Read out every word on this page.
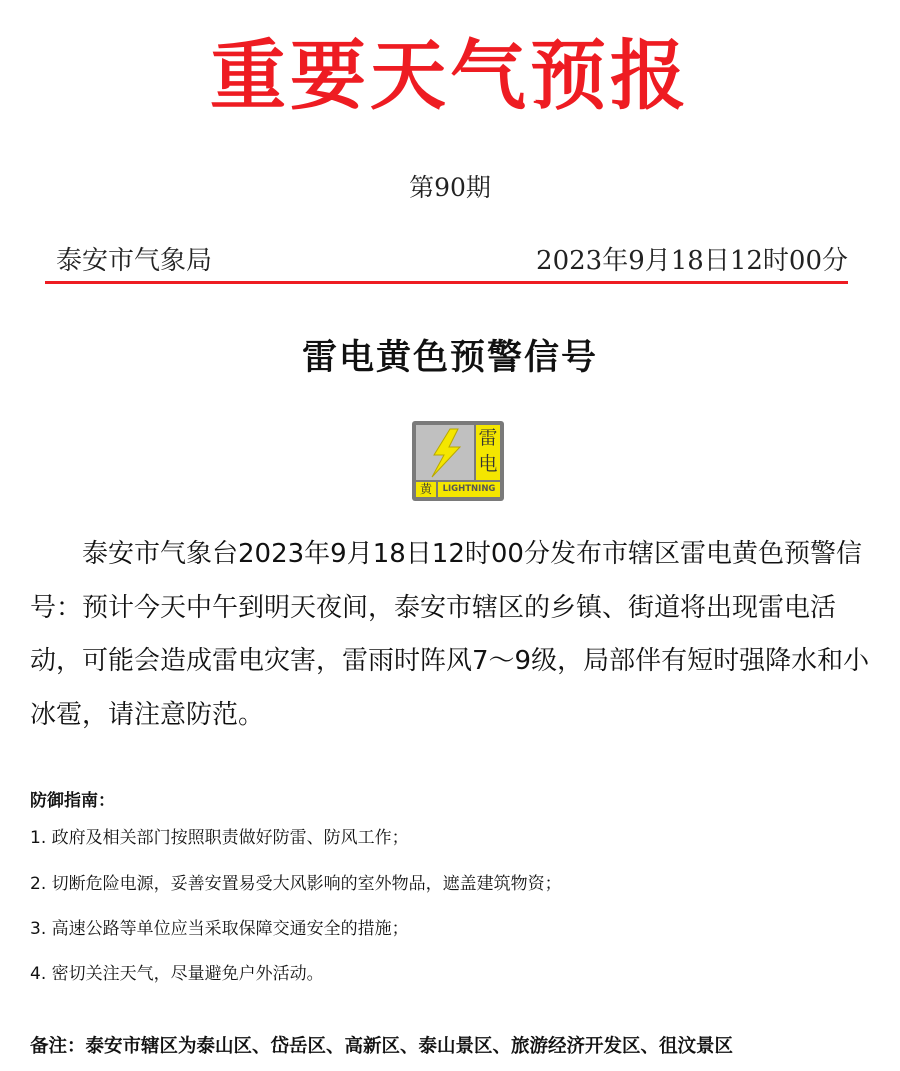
重要天气预报
第90期
泰安市气象局	2023年9月18日12时00分
雷电黄色预警信号
雷
电
黄	LIGHTNING
泰安市气象台2023年9月18日12时00分发布市辖区雷电黄色预警信号：预计今天中午到明天夜间，泰安市辖区的乡镇、街道将出现雷电活动，可能会造成雷电灾害，雷雨时阵风7～9级，局部伴有短时强降水和小冰雹，请注意防范。
防御指南：
1. 政府及相关部门按照职责做好防雷、防风工作；
2. 切断危险电源，妥善安置易受大风影响的室外物品，遮盖建筑物资；
3. 高速公路等单位应当采取保障交通安全的措施；
4. 密切关注天气，尽量避免户外活动。
备注：泰安市辖区为泰山区、岱岳区、高新区、泰山景区、旅游经济开发区、徂汶景区
